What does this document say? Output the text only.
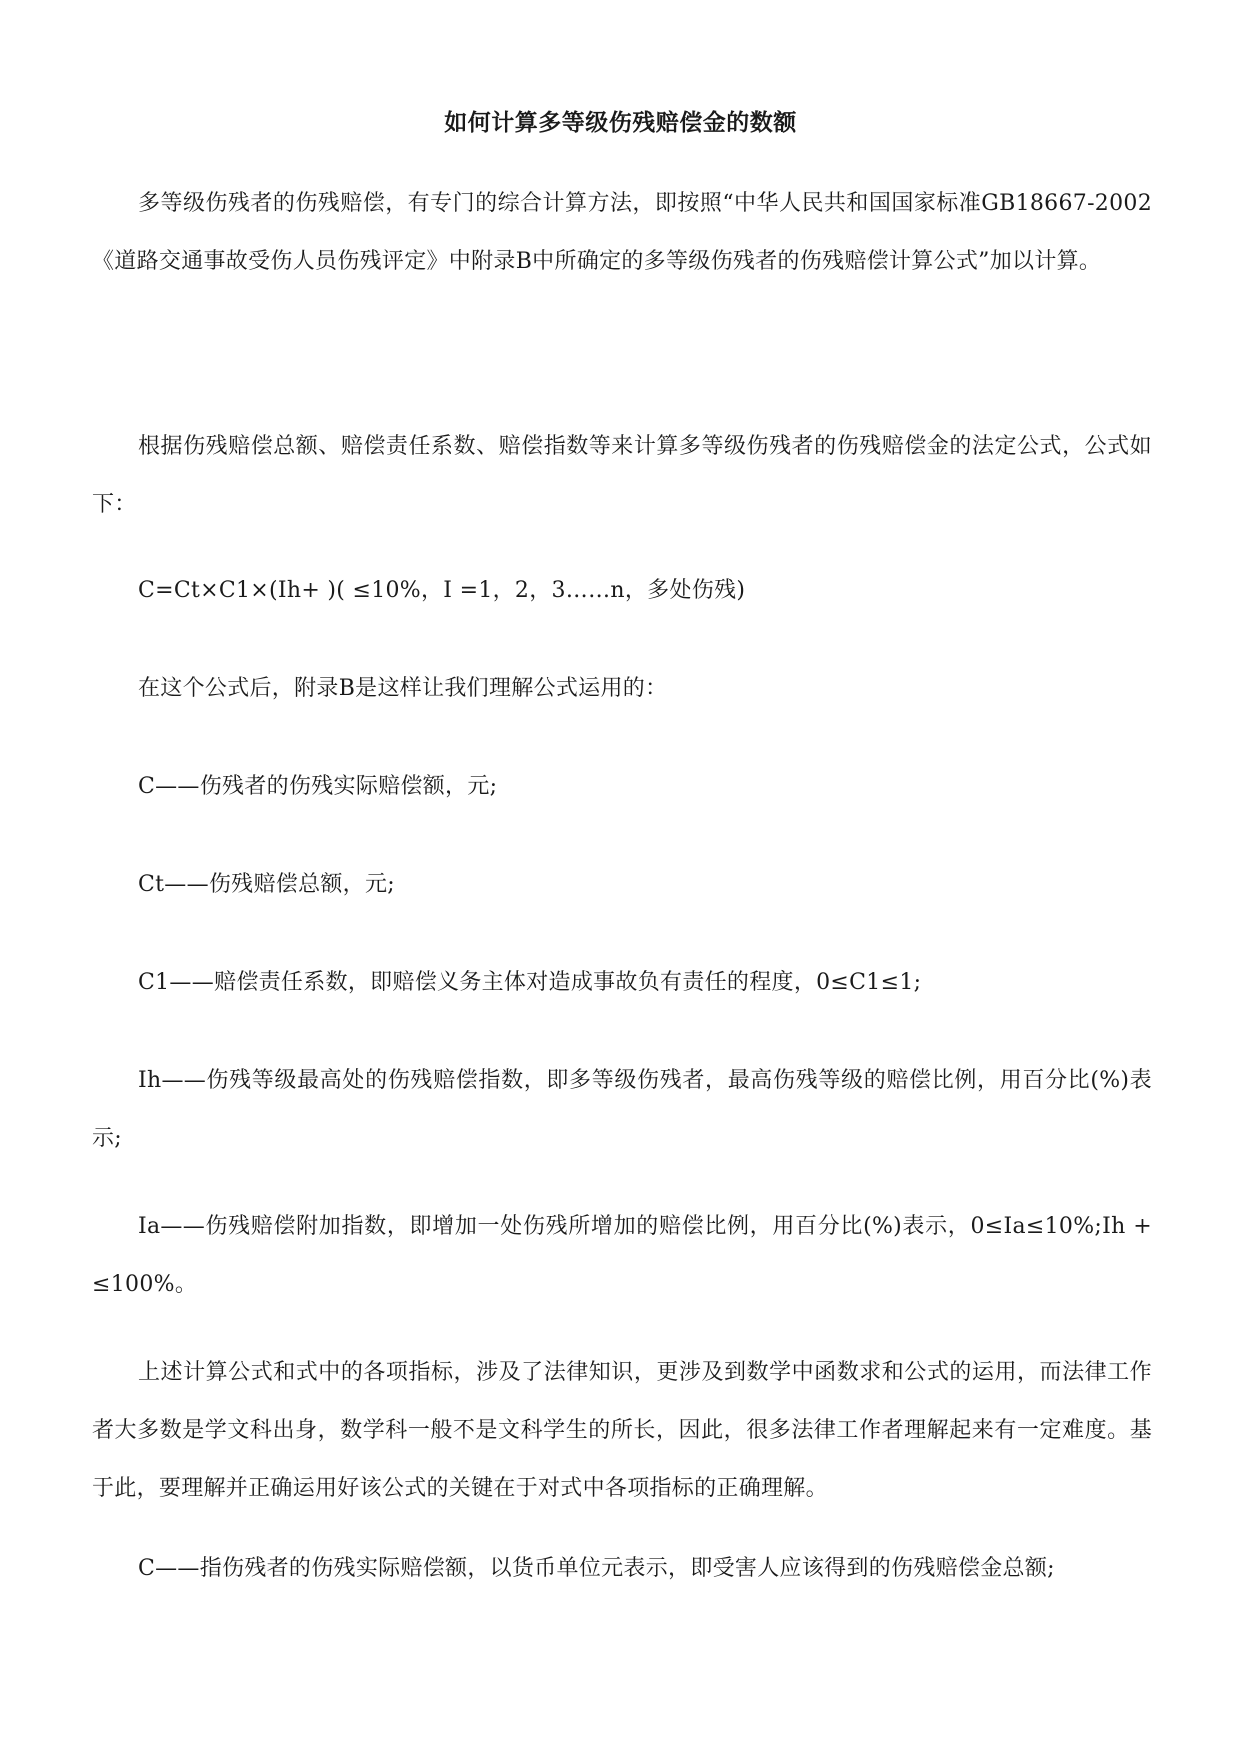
如何计算多等级伤残赔偿金的数额

多等级伤残者的伤残赔偿，有专门的综合计算方法，即按照“中华人民共和国国家标准GB18667-2002《道路交通事故受伤人员伤残评定》中附录B中所确定的多等级伤残者的伤残赔偿计算公式”加以计算。

根据伤残赔偿总额、赔偿责任系数、赔偿指数等来计算多等级伤残者的伤残赔偿金的法定公式，公式如下：

C=Ct×C1×(Ih+ )( ≤10%，I =1，2，3……n，多处伤残)

在这个公式后，附录B是这样让我们理解公式运用的：

C——伤残者的伤残实际赔偿额，元;

Ct——伤残赔偿总额，元;

C1——赔偿责任系数，即赔偿义务主体对造成事故负有责任的程度，0≤C1≤1;

Ih——伤残等级最高处的伤残赔偿指数，即多等级伤残者，最高伤残等级的赔偿比例，用百分比(%)表示;

Ia——伤残赔偿附加指数，即增加一处伤残所增加的赔偿比例，用百分比(%)表示，0≤Ia≤10%;Ih + ≤100%。

上述计算公式和式中的各项指标，涉及了法律知识，更涉及到数学中函数求和公式的运用，而法律工作者大多数是学文科出身，数学科一般不是文科学生的所长，因此，很多法律工作者理解起来有一定难度。基于此，要理解并正确运用好该公式的关键在于对式中各项指标的正确理解。

C——指伤残者的伤残实际赔偿额，以货币单位元表示，即受害人应该得到的伤残赔偿金总额;
